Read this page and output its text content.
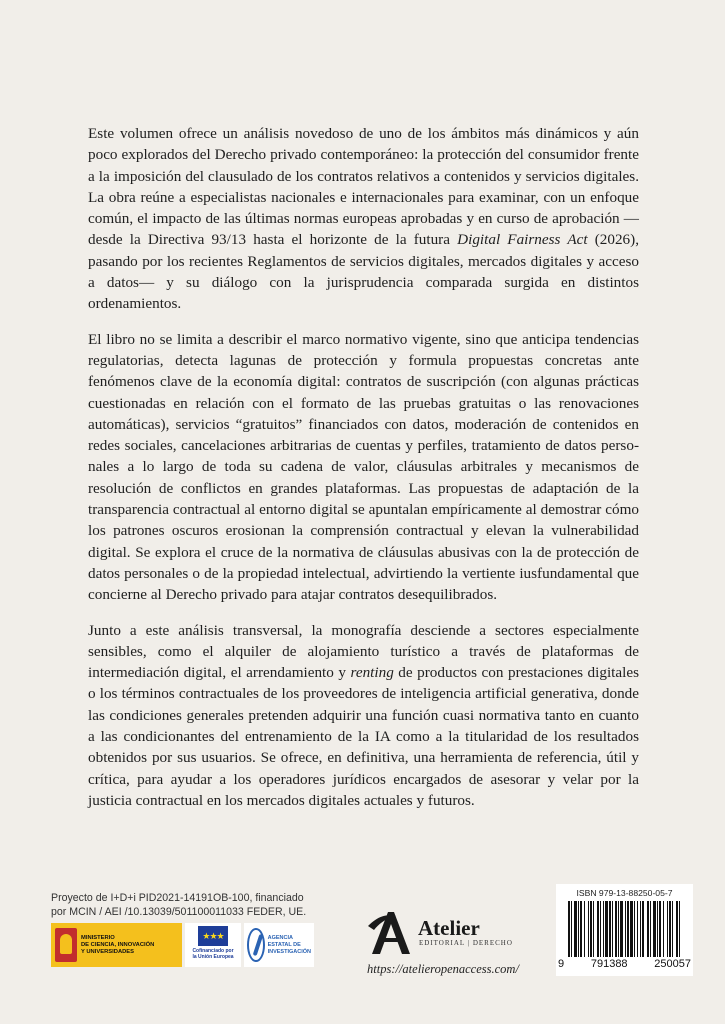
Este volumen ofrece un análisis novedoso de uno de los ámbitos más dinámicos y aún poco explorados del Derecho privado contemporáneo: la protección del consumidor frente a la imposición del clausulado de los contratos relativos a contenidos y servicios digitales. La obra reúne a especialistas nacionales e internacionales para examinar, con un enfoque común, el impacto de las últimas normas europeas aprobadas y en curso de aprobación —desde la Directiva 93/13 hasta el horizonte de la futura Digital Fairness Act (2026), pasando por los recientes Reglamentos de servicios digitales, mercados digitales y acceso a datos— y su diálogo con la jurisprudencia comparada surgida en distintos ordenamientos.

El libro no se limita a describir el marco normativo vigente, sino que anticipa tendencias regulatorias, detecta lagunas de protección y formula propuestas concretas ante fenómenos clave de la economía digital: contratos de suscripción (con algunas prácticas cuestionadas en relación con el formato de las pruebas gratuitas o las renovaciones automáticas), servicios “gratuitos” financiados con datos, moderación de contenidos en redes sociales, cancelaciones arbitrarias de cuentas y perfiles, tratamiento de datos personales a lo largo de toda su cadena de valor, cláusulas arbitrales y mecanismos de resolución de conflictos en grandes plataformas. Las propuestas de adaptación de la transparencia contractual al entorno digital se apuntalan empíricamente al demostrar cómo los patrones oscuros erosionan la comprensión contractual y elevan la vulnerabilidad digital. Se explora el cruce de la normativa de cláusulas abusivas con la de protección de datos personales o de la propiedad intelectual, advirtiendo la vertiente iusfundamental que concierne al Derecho privado para atajar contratos desequilibrados.

Junto a este análisis transversal, la monografía desciende a sectores especialmente sensibles, como el alquiler de alojamiento turístico a través de plataformas de intermediación digital, el arrendamiento y renting de productos con prestaciones digitales o los términos contractuales de los proveedores de inteligencia artificial generativa, donde las condiciones generales pretenden adquirir una función cuasi normativa tanto en cuanto a las condicionantes del entrenamiento de la IA como a la titularidad de los resultados obtenidos por sus usuarios. Se ofrece, en definitiva, una herramienta de referencia, útil y crítica, para ayudar a los operadores jurídicos encargados de asesorar y velar por la justicia contractual en los mercados digitales actuales y futuros.

Proyecto de I+D+i PID2021-14191OB-100, financiado
por MCIN / AEI /10.13039/501100011033 FEDER, UE.
MINISTERIO
DE CIENCIA, INNOVACIÓN
Y UNIVERSIDADES
★★★
Cofinanciado por
la Unión Europea
AGENCIA
ESTATAL DE
INVESTIGACIÓN
Atelier
EDITORIAL | DERECHO
https://atelieropenaccess.com/
ISBN 979-13-88250-05-7
9 791388 250057
